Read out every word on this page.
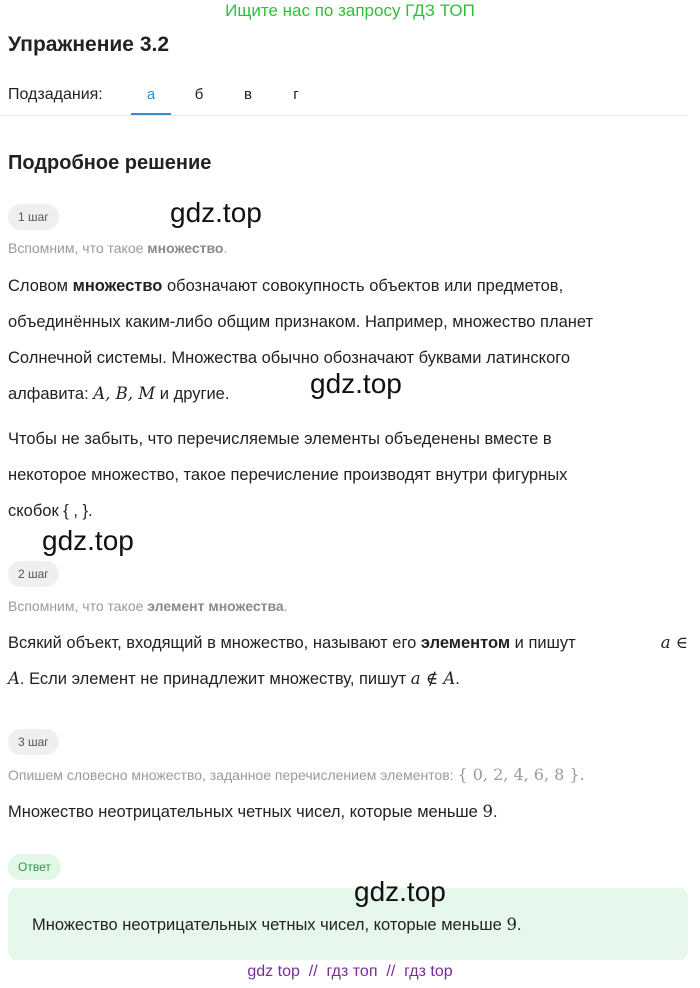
Ищите нас по запросу ГДЗ ТОП
Упражнение 3.2
Подзадания:	а	б	в	г
Подробное решение
1 шаг	gdz.top
Вспомним, что такое множество.
Словом множество обозначают совокупность объектов или предметов,
объединённых каким-либо общим признаком. Например, множество планет
Солнечной системы. Множества обычно обозначают буквами латинского
алфавита: A, B, M и другие.	gdz.top
Чтобы не забыть, что перечисляемые элементы объеденены вместе в
некоторое множество, такое перечисление производят внутри фигурных
скобок { , }.
gdz.top
2 шаг
Вспомним, что такое элемент множества.
Всякий объект, входящий в множество, называют его элементом и пишут	a ∈
A. Если элемент не принадлежит множеству, пишут a ∉ A.
3 шаг
Опишем словесно множество, заданное перечислением элементов: { 0, 2, 4, 6, 8 }.
Множество неотрицательных четных чисел, которые меньше 9.
Ответ
gdz.top
Множество неотрицательных четных чисел, которые меньше 9.
gdz top  //  гдз топ  //  гдз top
